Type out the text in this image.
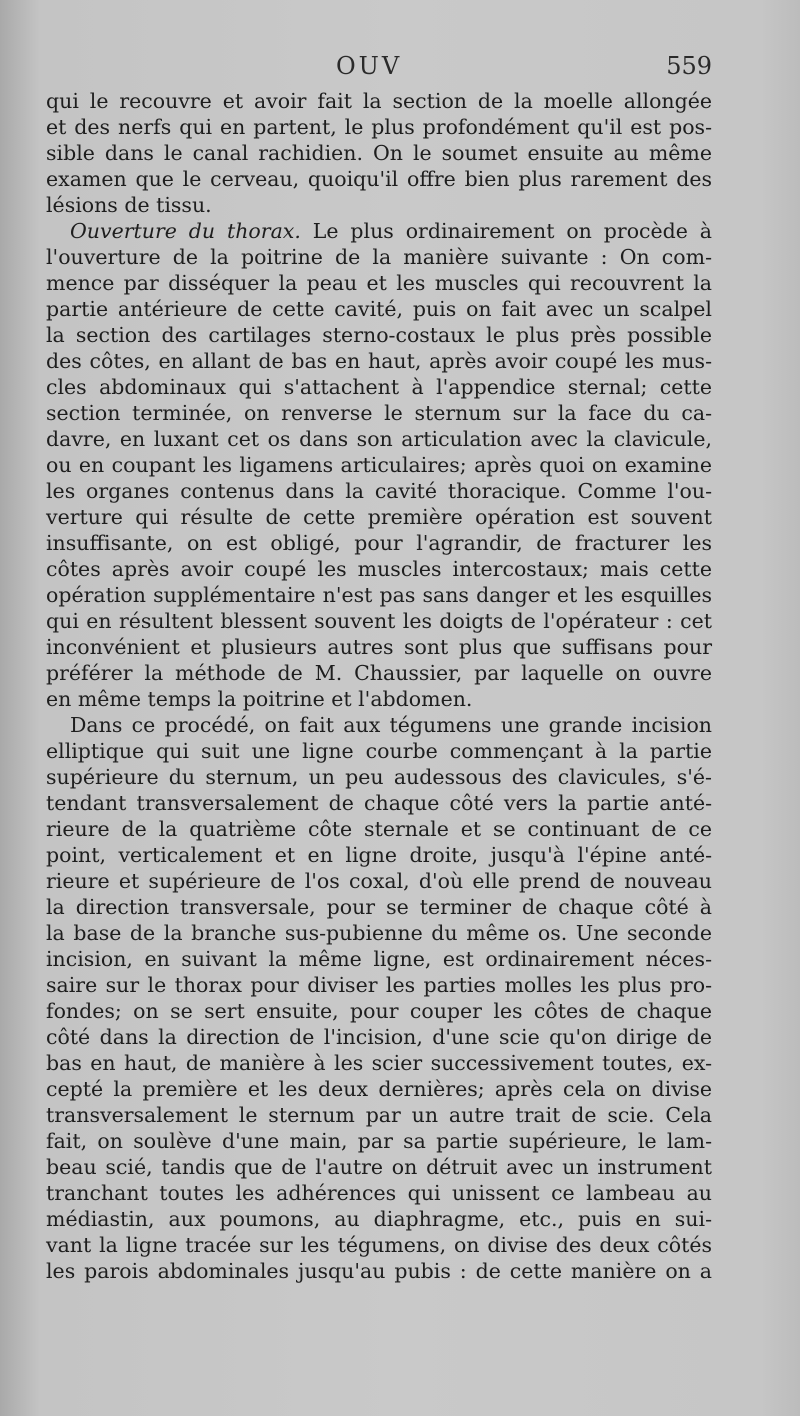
OUV	559
qui le recouvre et avoir fait la section de la moelle allongée
et des nerfs qui en partent, le plus profondément qu'il est pos-
sible dans le canal rachidien. On le soumet ensuite au même
examen que le cerveau, quoiqu'il offre bien plus rarement des
lésions de tissu.
Ouverture du thorax. Le plus ordinairement on procède à
l'ouverture de la poitrine de la manière suivante : On com-
mence par disséquer la peau et les muscles qui recouvrent la
partie antérieure de cette cavité, puis on fait avec un scalpel
la section des cartilages sterno-costaux le plus près possible
des côtes, en allant de bas en haut, après avoir coupé les mus-
cles abdominaux qui s'attachent à l'appendice sternal; cette
section terminée, on renverse le sternum sur la face du ca-
davre, en luxant cet os dans son articulation avec la clavicule,
ou en coupant les ligamens articulaires; après quoi on examine
les organes contenus dans la cavité thoracique. Comme l'ou-
verture qui résulte de cette première opération est souvent
insuffisante, on est obligé, pour l'agrandir, de fracturer les
côtes après avoir coupé les muscles intercostaux; mais cette
opération supplémentaire n'est pas sans danger et les esquilles
qui en résultent blessent souvent les doigts de l'opérateur : cet
inconvénient et plusieurs autres sont plus que suffisans pour
préférer la méthode de M. Chaussier, par laquelle on ouvre
en même temps la poitrine et l'abdomen.
Dans ce procédé, on fait aux tégumens une grande incision
elliptique qui suit une ligne courbe commençant à la partie
supérieure du sternum, un peu audessous des clavicules, s'é-
tendant transversalement de chaque côté vers la partie anté-
rieure de la quatrième côte sternale et se continuant de ce
point, verticalement et en ligne droite, jusqu'à l'épine anté-
rieure et supérieure de l'os coxal, d'où elle prend de nouveau
la direction transversale, pour se terminer de chaque côté à
la base de la branche sus-pubienne du même os. Une seconde
incision, en suivant la même ligne, est ordinairement néces-
saire sur le thorax pour diviser les parties molles les plus pro-
fondes; on se sert ensuite, pour couper les côtes de chaque
côté dans la direction de l'incision, d'une scie qu'on dirige de
bas en haut, de manière à les scier successivement toutes, ex-
cepté la première et les deux dernières; après cela on divise
transversalement le sternum par un autre trait de scie. Cela
fait, on soulève d'une main, par sa partie supérieure, le lam-
beau scié, tandis que de l'autre on détruit avec un instrument
tranchant toutes les adhérences qui unissent ce lambeau au
médiastin, aux poumons, au diaphragme, etc., puis en sui-
vant la ligne tracée sur les tégumens, on divise des deux côtés
les parois abdominales jusqu'au pubis : de cette manière on a
